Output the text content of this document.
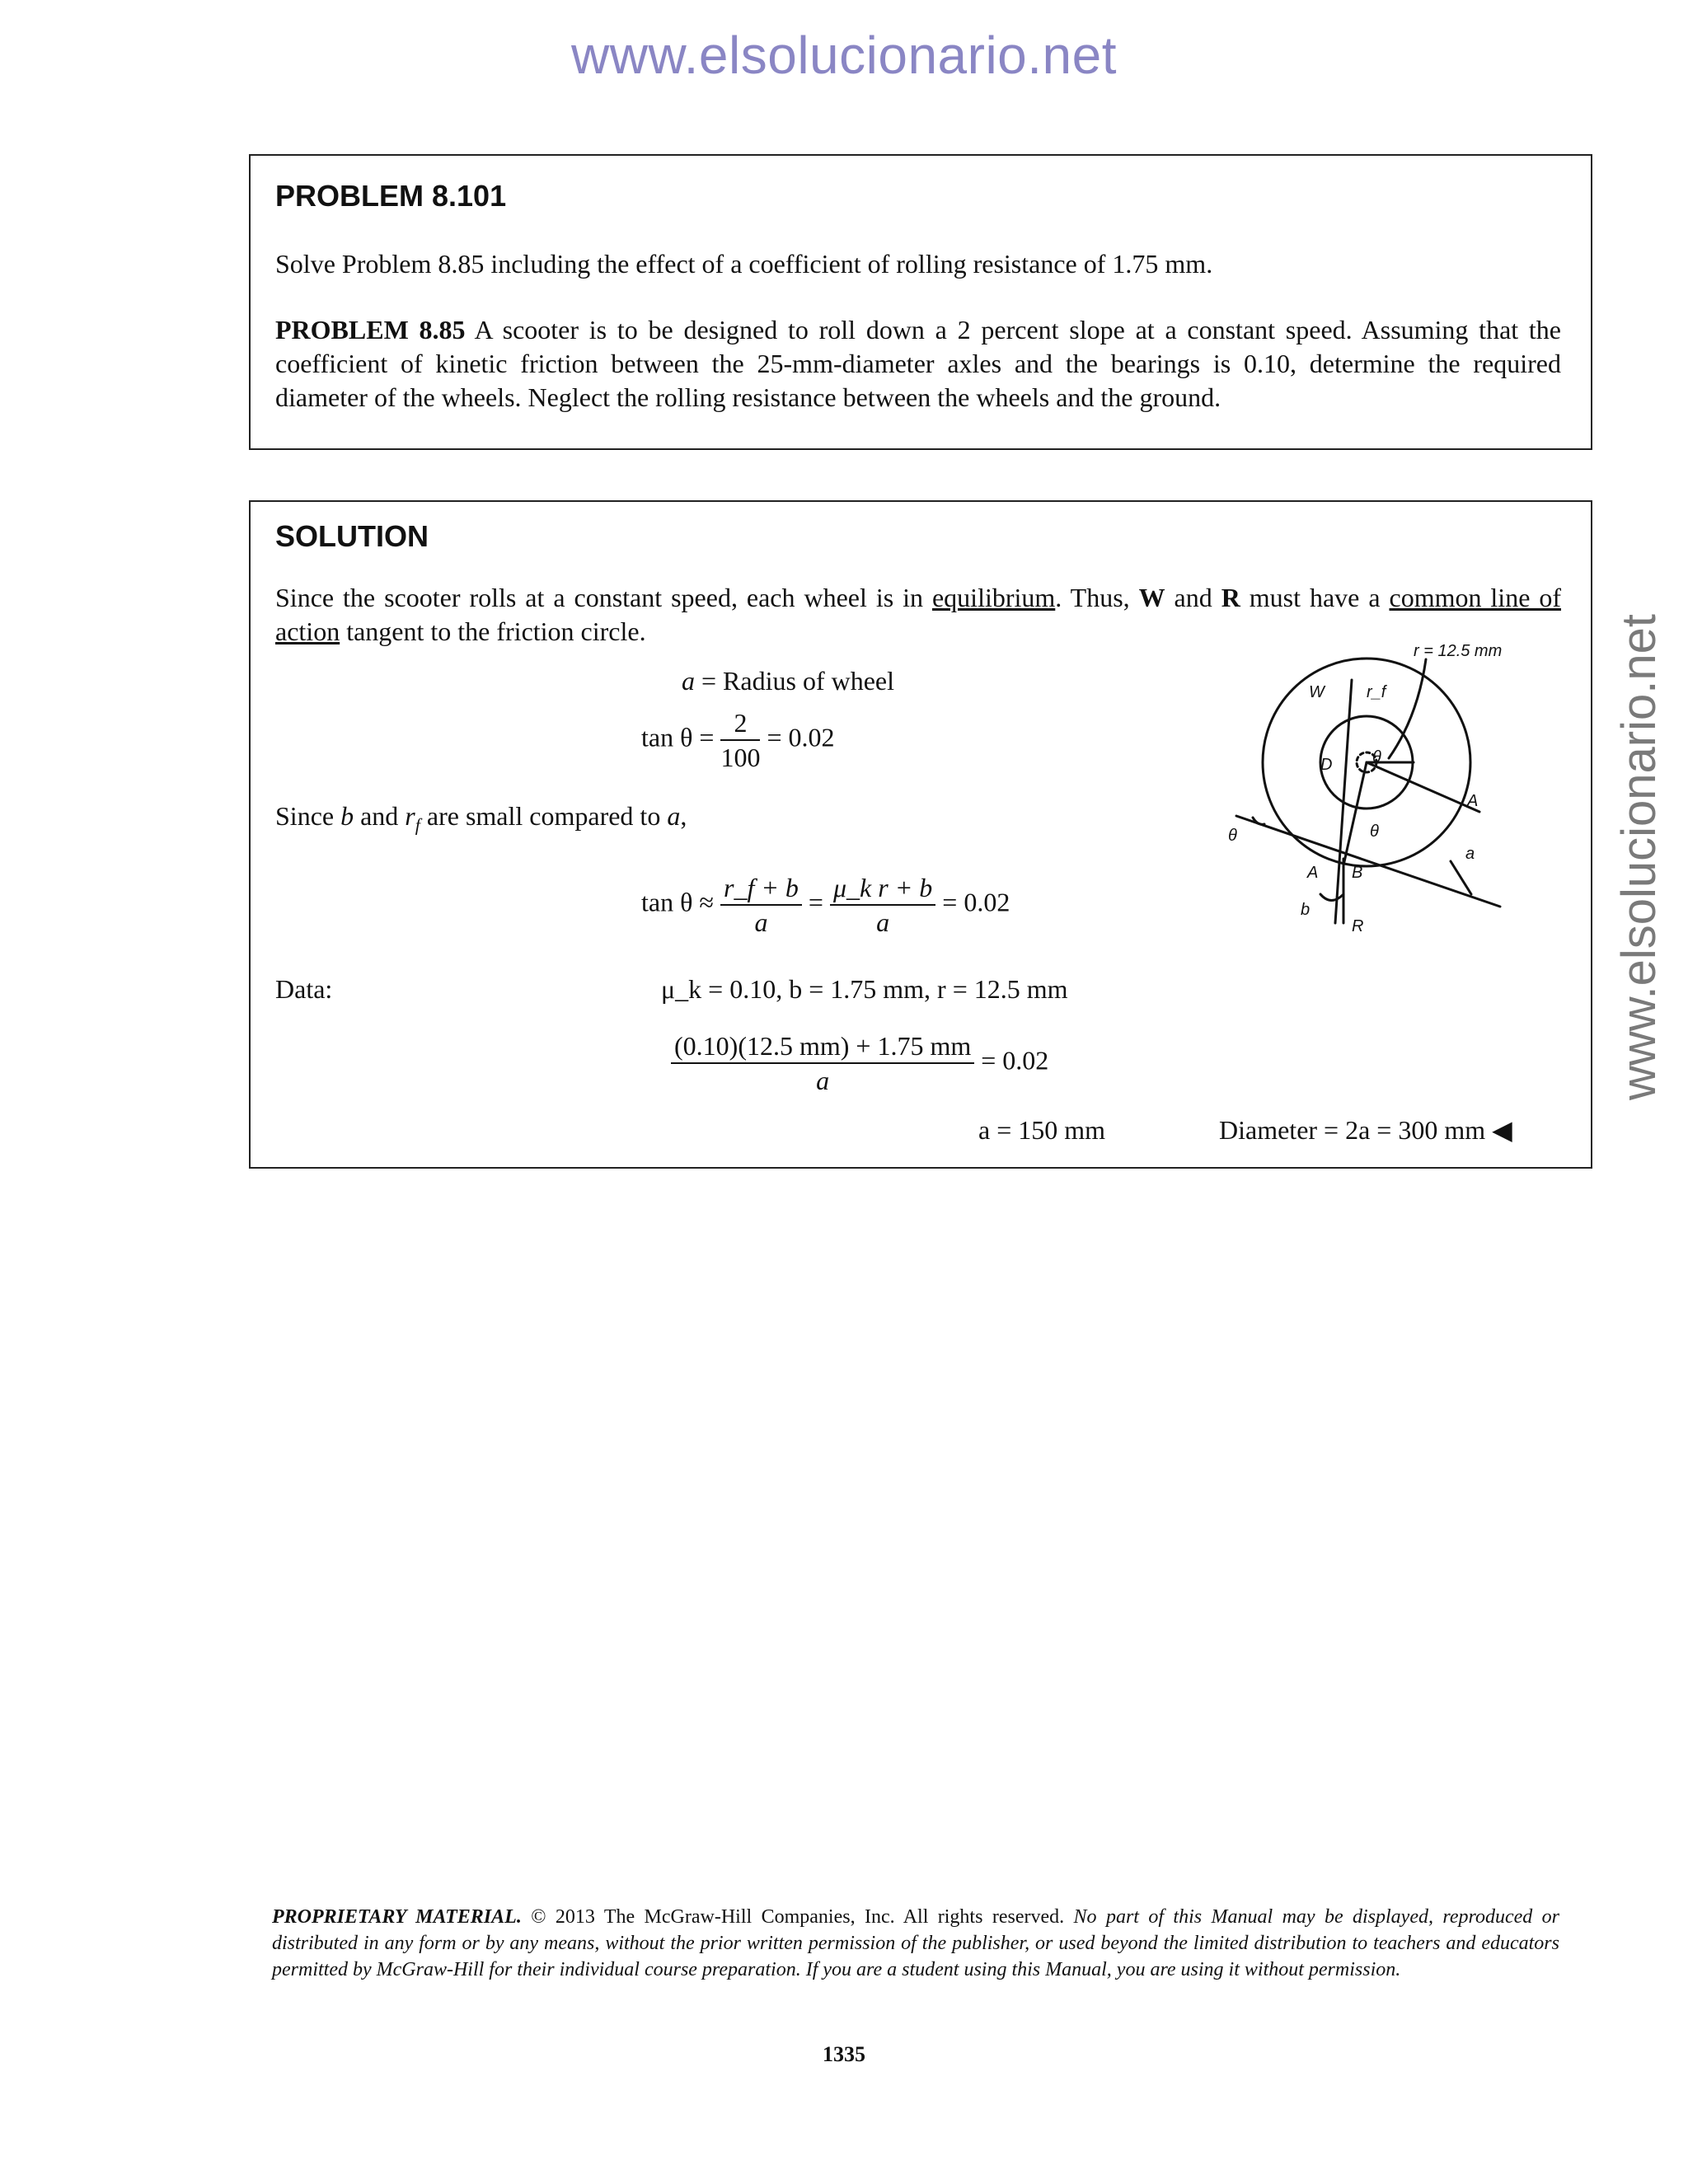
www.elsolucionario.net
www.elsolucionario.net
PROBLEM 8.101
Solve Problem 8.85 including the effect of a coefficient of rolling resistance of 1.75 mm.
PROBLEM 8.85 A scooter is to be designed to roll down a 2 percent slope at a constant speed. Assuming that the coefficient of kinetic friction between the 25-mm-diameter axles and the bearings is 0.10, determine the required diameter of the wheels. Neglect the rolling resistance between the wheels and the ground.
SOLUTION
Since the scooter rolls at a constant speed, each wheel is in equilibrium. Thus, W and R must have a common line of action tangent to the friction circle.
a = Radius of wheel
$\tan \theta = \frac{2}{100} = 0.02$
Since b and $r_f$ are small compared to a,
$\tan \theta \approx \frac{r\_f + b}{a} = \frac{\text{μ\_k r + b}}{a} = 0.02$
Data:	μ_k = 0.10, b = 1.75 mm, r = 12.5 mm
$\frac{(0.10)(12.5 mm) + 1.75 mm}{a} = 0.02$
a = 150 mm	Diameter = 2a = 300 mm ◀
r = 12.5 mm
W	r_f
θ
D
θ	θ
A B
a
A
b
R
PROPRIETARY MATERIAL. © 2013 The McGraw-Hill Companies, Inc. All rights reserved. No part of this Manual may be displayed, reproduced or distributed in any form or by any means, without the prior written permission of the publisher, or used beyond the limited distribution to teachers and educators permitted by McGraw-Hill for their individual course preparation. If you are a student using this Manual, you are using it without permission.
1335
